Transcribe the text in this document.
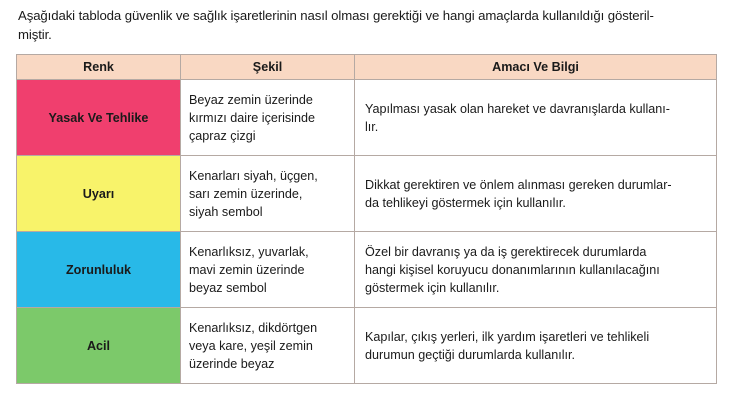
Aşağıdaki tabloda güvenlik ve sağlık işaretlerinin nasıl olması gerektiği ve hangi amaçlarda kullanıldığı gösteril-
miştir.
Renk	Şekil	Amacı Ve Bilgi
Yasak Ve Tehlike	Beyaz zemin üzerinde
kırmızı daire içerisinde
çapraz çizgi	Yapılması yasak olan hareket ve davranışlarda kullanı-
lır.

Uyarı	Kenarları siyah, üçgen,
sarı zemin üzerinde,
siyah sembol	Dikkat gerektiren ve önlem alınması gereken durumlar-
da tehlikeyi göstermek için kullanılır.

Zorunluluk	Kenarlıksız, yuvarlak,
mavi zemin üzerinde
beyaz sembol	Özel bir davranış ya da iş gerektirecek durumlarda
hangi kişisel koruyucu donanımlarının kullanılacağını
göstermek için kullanılır.

Acil	Kenarlıksız, dikdörtgen
veya kare, yeşil zemin
üzerinde beyaz	Kapılar, çıkış yerleri, ilk yardım işaretleri ve tehlikeli
durumun geçtiği durumlarda kullanılır.
